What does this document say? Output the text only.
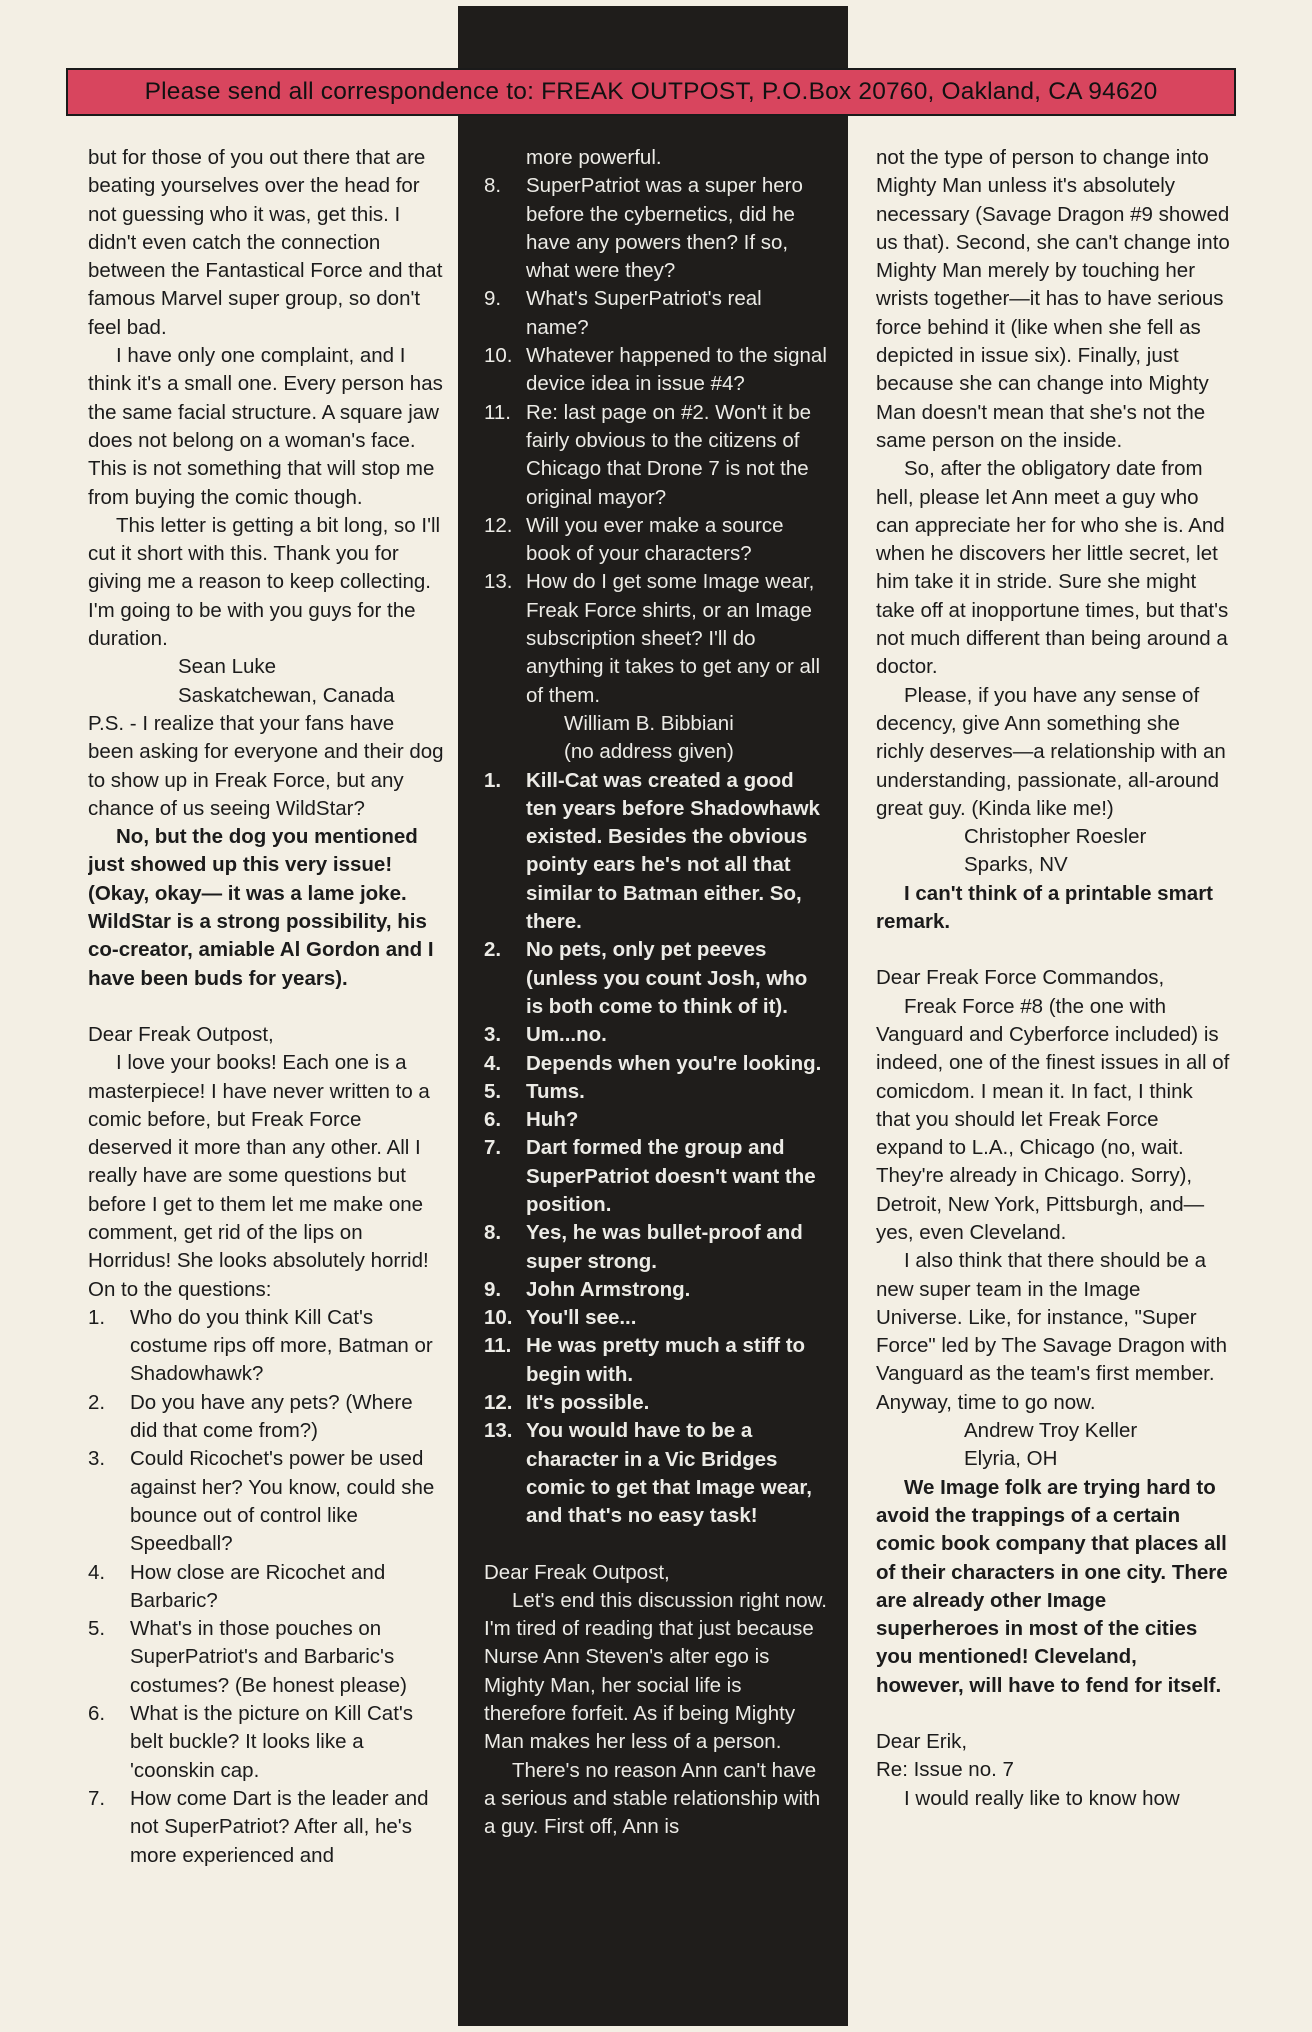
Please send all correspondence to: FREAK OUTPOST, P.O.Box 20760, Oakland, CA 94620

but for those of you out there that are beating yourselves over the head for not guessing who it was, get this. I didn't even catch the connection between the Fantastical Force and that famous Marvel super group, so don't feel bad.

I have only one complaint, and I think it's a small one. Every person has the same facial structure. A square jaw does not belong on a woman's face. This is not something that will stop me from buying the comic though.

This letter is getting a bit long, so I'll cut it short with this. Thank you for giving me a reason to keep collecting. I'm going to be with you guys for the duration.

Sean Luke

Saskatchewan, Canada

P.S. - I realize that your fans have been asking for everyone and their dog to show up in Freak Force, but any chance of us seeing WildStar?

No, but the dog you mentioned just showed up this very issue! (Okay, okay— it was a lame joke. WildStar is a strong possibility, his co-creator, amiable Al Gordon and I have been buds for years).

Dear Freak Outpost,

I love your books! Each one is a masterpiece! I have never written to a comic before, but Freak Force deserved it more than any other. All I really have are some questions but before I get to them let me make one comment, get rid of the lips on Horridus! She looks absolutely horrid!

On to the questions:

1.	Who do you think Kill Cat's costume rips off more, Batman or Shadowhawk?
2.	Do you have any pets? (Where did that come from?)
3.	Could Ricochet's power be used against her? You know, could she bounce out of control like Speedball?
4.	How close are Ricochet and Barbaric?
5.	What's in those pouches on SuperPatriot's and Barbaric's costumes? (Be honest please)
6.	What is the picture on Kill Cat's belt buckle? It looks like a 'coonskin cap.
7.	How come Dart is the leader and not SuperPatriot? After all, he's more experienced and

more powerful.

8.	SuperPatriot was a super hero before the cybernetics, did he have any powers then? If so, what were they?
9.	What's SuperPatriot's real name?
10. Whatever happened to the signal device idea in issue #4?
11. Re: last page on #2. Won't it be fairly obvious to the citizens of Chicago that Drone 7 is not the original mayor?
12. Will you ever make a source book of your characters?
13. How do I get some Image wear, Freak Force shirts, or an Image subscription sheet? I'll do anything it takes to get any or all of them.

William B. Bibbiani

(no address given)

1.	Kill-Cat was created a good ten years before Shadowhawk existed. Besides the obvious pointy ears he's not all that similar to Batman either. So, there.
2.	No pets, only pet peeves (unless you count Josh, who is both come to think of it).
3.	Um...no.
4.	Depends when you're looking.
5.	Tums.
6.	Huh?
7.	Dart formed the group and SuperPatriot doesn't want the position.
8.	Yes, he was bullet-proof and super strong.
9.	John Armstrong.
10. You'll see...
11. He was pretty much a stiff to begin with.
12. It's possible.
13. You would have to be a character in a Vic Bridges comic to get that Image wear, and that's no easy task!

Dear Freak Outpost,

Let's end this discussion right now. I'm tired of reading that just because Nurse Ann Steven's alter ego is Mighty Man, her social life is therefore forfeit. As if being Mighty Man makes her less of a person.

There's no reason Ann can't have a serious and stable relationship with a guy. First off, Ann is

not the type of person to change into Mighty Man unless it's absolutely necessary (Savage Dragon #9 showed us that). Second, she can't change into Mighty Man merely by touching her wrists together—it has to have serious force behind it (like when she fell as depicted in issue six). Finally, just because she can change into Mighty Man doesn't mean that she's not the same person on the inside.

So, after the obligatory date from hell, please let Ann meet a guy who can appreciate her for who she is. And when he discovers her little secret, let him take it in stride. Sure she might take off at inopportune times, but that's not much different than being around a doctor.

Please, if you have any sense of decency, give Ann something she richly deserves—a relationship with an understanding, passionate, all-around great guy. (Kinda like me!)

Christopher Roesler

Sparks, NV

I can't think of a printable smart remark.

Dear Freak Force Commandos,

Freak Force #8 (the one with Vanguard and Cyberforce included) is indeed, one of the finest issues in all of comicdom. I mean it. In fact, I think that you should let Freak Force expand to L.A., Chicago (no, wait. They're already in Chicago. Sorry), Detroit, New York, Pittsburgh, and—yes, even Cleveland.

I also think that there should be a new super team in the Image Universe. Like, for instance, "Super Force" led by The Savage Dragon with Vanguard as the team's first member. Anyway, time to go now.

Andrew Troy Keller

Elyria, OH

We Image folk are trying hard to avoid the trappings of a certain comic book company that places all of their characters in one city. There are already other Image superheroes in most of the cities you mentioned! Cleveland, however, will have to fend for itself.

Dear Erik,

Re: Issue no. 7

I would really like to know how
